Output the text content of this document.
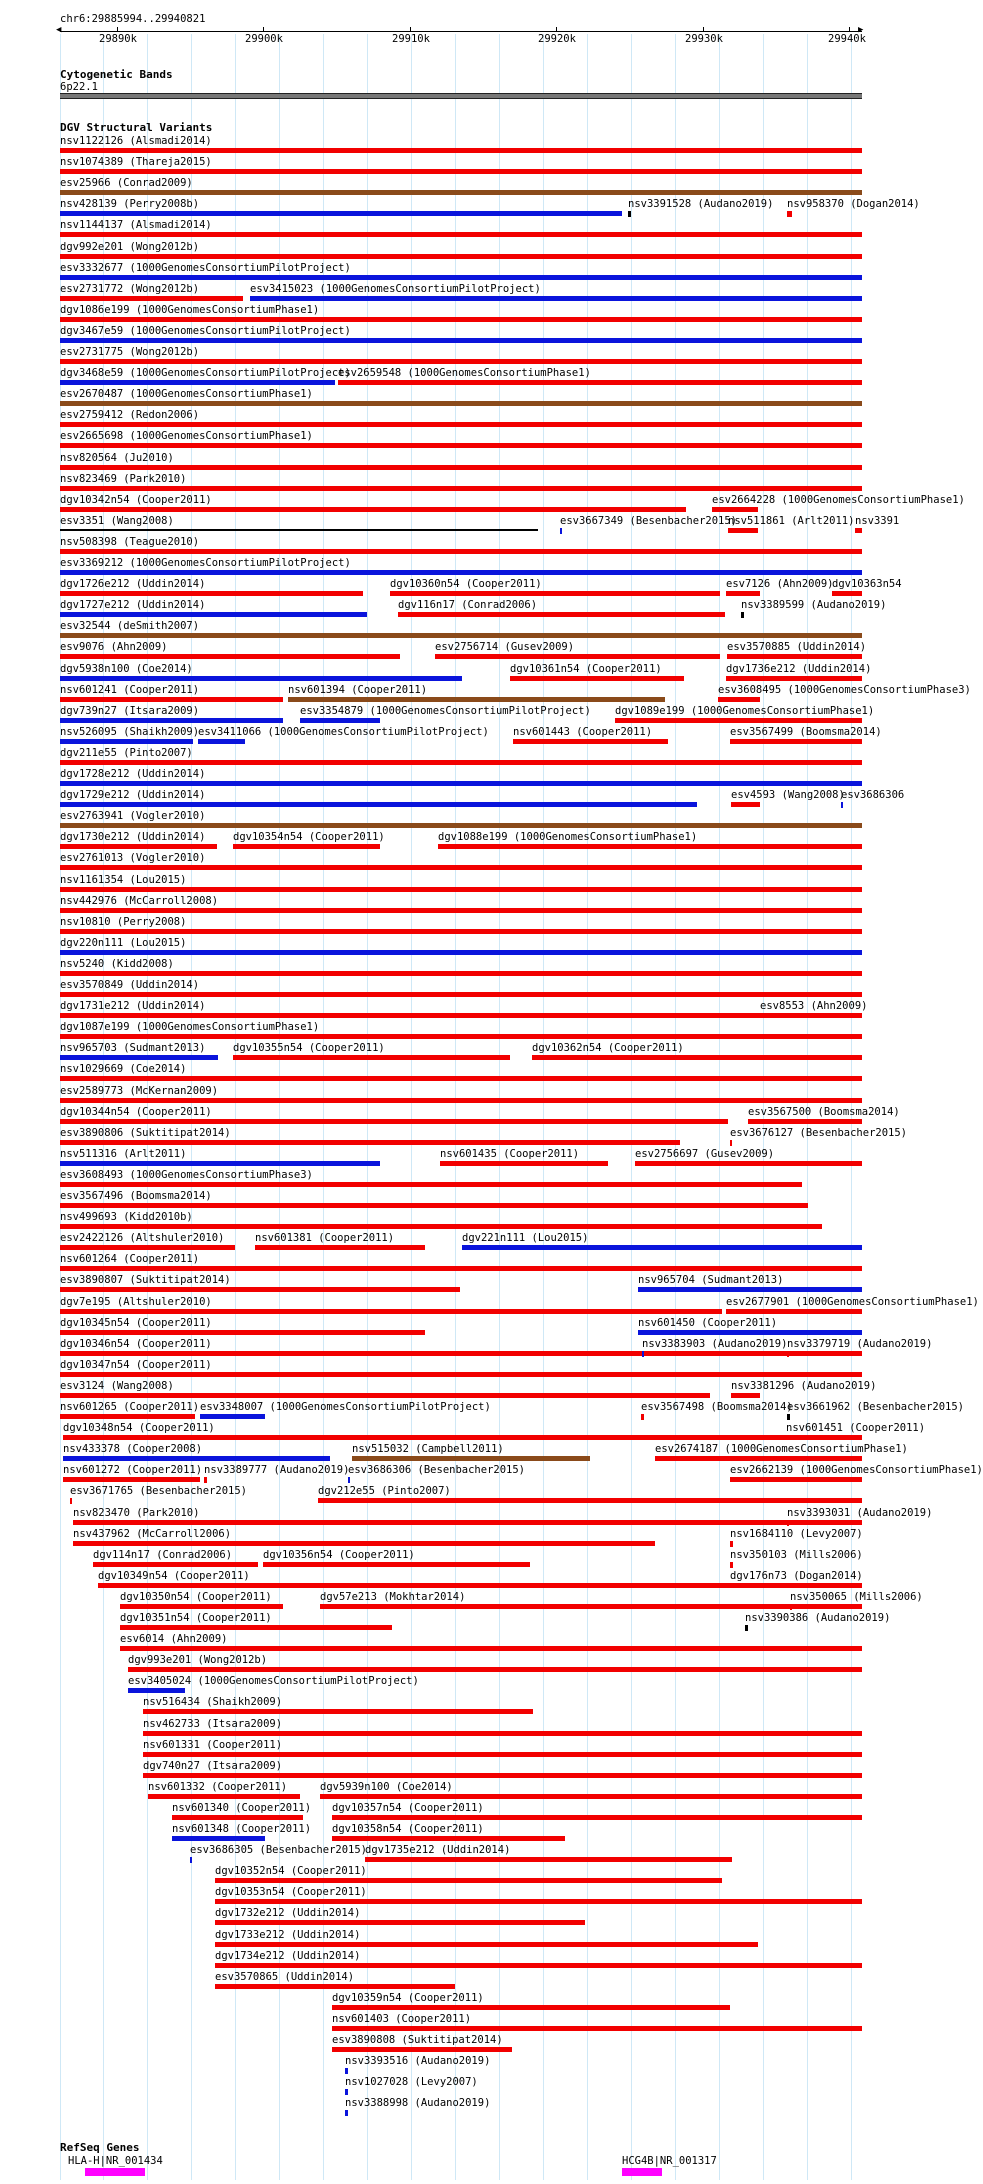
chr6:29885994..29940821
◀	▶
29890k	29900k	29910k	29920k	29930k	29940k
Cytogenetic Bands
6p22.1
DGV Structural Variants
nsv1122126 (Alsmadi2014)
nsv1074389 (Thareja2015)
esv25966 (Conrad2009)
nsv428139 (Perry2008b)	nsv3391528 (Audano2019) nsv958370 (Dogan2014)
nsv1144137 (Alsmadi2014)
dgv992e201 (Wong2012b)
esv3332677 (1000GenomesConsortiumPilotProject)
esv2731772 (Wong2012b)	esv3415023 (1000GenomesConsortiumPilotProject)
dgv1086e199 (1000GenomesConsortiumPhase1)
dgv3467e59 (1000GenomesConsortiumPilotProject)
esv2731775 (Wong2012b)
dgv3468e59 (1000GenomesConsortiumPilotProject)
esv2659548 (1000GenomesConsortiumPhase1)
esv2670487 (1000GenomesConsortiumPhase1)
esv2759412 (Redon2006)
esv2665698 (1000GenomesConsortiumPhase1)
nsv820564 (Ju2010)
nsv823469 (Park2010)
dgv10342n54 (Cooper2011)	esv2664228 (1000GenomesConsortiumPhase1)
esv3351 (Wang2008)	esv3667349 (Besenbacher2015)
nsv511861 (Arlt2011) nsv3391
nsv508398 (Teague2010)
esv3369212 (1000GenomesConsortiumPilotProject)
dgv1726e212 (Uddin2014)	dgv10360n54 (Cooper2011)	esv7126 (Ahn2009)
dgv10363n54
dgv1727e212 (Uddin2014)	dgv116n17 (Conrad2006)	nsv3389599 (Audano2019)
esv32544 (deSmith2007)
esv9076 (Ahn2009)	esv2756714 (Gusev2009)	esv3570885 (Uddin2014)
dgv5938n100 (Coe2014)	dgv10361n54 (Cooper2011)	dgv1736e212 (Uddin2014)
nsv601241 (Cooper2011)	nsv601394 (Cooper2011)	esv3608495 (1000GenomesConsortiumPhase3)
dgv739n27 (Itsara2009)	esv3354879 (1000GenomesConsortiumPilotProject) dgv1089e199 (1000GenomesConsortiumPhase1)
nsv526095 (Shaikh2009)
esv3411066 (1000GenomesConsortiumPilotProject) nsv601443 (Cooper2011)	esv3567499 (Boomsma2014)
dgv211e55 (Pinto2007)
dgv1728e212 (Uddin2014)
dgv1729e212 (Uddin2014)	esv4593 (Wang2008)
esv3686306
esv2763941 (Vogler2010)
dgv1730e212 (Uddin2014)	dgv10354n54 (Cooper2011)	dgv1088e199 (1000GenomesConsortiumPhase1)
esv2761013 (Vogler2010)
nsv1161354 (Lou2015)
nsv442976 (McCarroll2008)
nsv10810 (Perry2008)
dgv220n111 (Lou2015)
nsv5240 (Kidd2008)
esv3570849 (Uddin2014)
dgv1731e212 (Uddin2014)	esv8553 (Ahn2009)
dgv1087e199 (1000GenomesConsortiumPhase1)
nsv965703 (Sudmant2013)	dgv10355n54 (Cooper2011)	dgv10362n54 (Cooper2011)
nsv1029669 (Coe2014)
esv2589773 (McKernan2009)
dgv10344n54 (Cooper2011)	esv3567500 (Boomsma2014)
esv3890806 (Suktitipat2014)	esv3676127 (Besenbacher2015)
nsv511316 (Arlt2011)	nsv601435 (Cooper2011)	esv2756697 (Gusev2009)
esv3608493 (1000GenomesConsortiumPhase3)
esv3567496 (Boomsma2014)
nsv499693 (Kidd2010b)
esv2422126 (Altshuler2010)	nsv601381 (Cooper2011)	dgv221n111 (Lou2015)
nsv601264 (Cooper2011)
esv3890807 (Suktitipat2014)	nsv965704 (Sudmant2013)
dgv7e195 (Altshuler2010)	esv2677901 (1000GenomesConsortiumPhase1)
dgv10345n54 (Cooper2011)	nsv601450 (Cooper2011)
dgv10346n54 (Cooper2011)	nsv3383903 (Audano2019) nsv3379719 (Audano2019)
dgv10347n54 (Cooper2011)
esv3124 (Wang2008)	nsv3381296 (Audano2019)
nsv601265 (Cooper2011) esv3348007 (1000GenomesConsortiumPilotProject)	esv3567498 (Boomsma2014)
esv3661962 (Besenbacher2015)
dgv10348n54 (Cooper2011)	nsv601451 (Cooper2011)
nsv433378 (Cooper2008)	nsv515032 (Campbell2011)	esv2674187 (1000GenomesConsortiumPhase1)
nsv601272 (Cooper2011) nsv3389777 (Audano2019)
esv3686306 (Besenbacher2015)	esv2662139 (1000GenomesConsortiumPhase1)
esv3671765 (Besenbacher2015)	dgv212e55 (Pinto2007)
nsv823470 (Park2010)	nsv3393031 (Audano2019)
nsv437962 (McCarroll2006)	nsv1684110 (Levy2007)
dgv114n17 (Conrad2006)	dgv10356n54 (Cooper2011)	nsv350103 (Mills2006)
dgv10349n54 (Cooper2011)	dgv176n73 (Dogan2014)
dgv10350n54 (Cooper2011)	dgv57e213 (Mokhtar2014)	nsv350065 (Mills2006)
dgv10351n54 (Cooper2011)	nsv3390386 (Audano2019)
esv6014 (Ahn2009)
dgv993e201 (Wong2012b)
esv3405024 (1000GenomesConsortiumPilotProject)
nsv516434 (Shaikh2009)
nsv462733 (Itsara2009)
nsv601331 (Cooper2011)
dgv740n27 (Itsara2009)
nsv601332 (Cooper2011)	dgv5939n100 (Coe2014)
nsv601340 (Cooper2011) dgv10357n54 (Cooper2011)
nsv601348 (Cooper2011) dgv10358n54 (Cooper2011)
esv3686305 (Besenbacher2015)
dgv1735e212 (Uddin2014)
dgv10352n54 (Cooper2011)
dgv10353n54 (Cooper2011)
dgv1732e212 (Uddin2014)
dgv1733e212 (Uddin2014)
dgv1734e212 (Uddin2014)
esv3570865 (Uddin2014)
dgv10359n54 (Cooper2011)
nsv601403 (Cooper2011)
esv3890808 (Suktitipat2014)
nsv3393516 (Audano2019)
nsv1027028 (Levy2007)
nsv3388998 (Audano2019)
RefSeq Genes
HLA-H|NR_001434	HCG4B|NR_001317
